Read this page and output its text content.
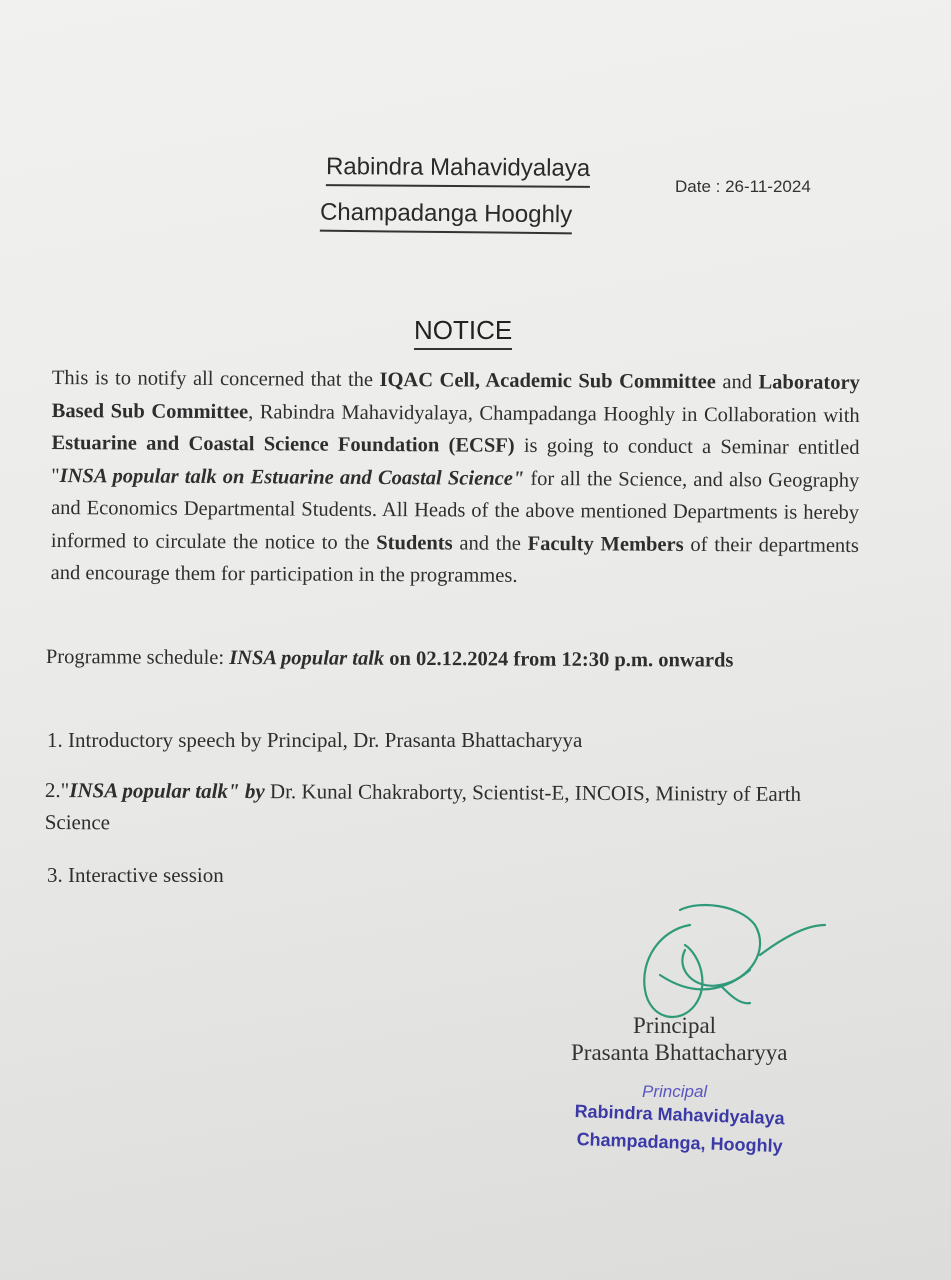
Rabindra Mahavidyalaya
Champadanga Hooghly
Date : 26-11-2024
NOTICE

This is to notify all concerned that the IQAC Cell, Academic Sub Committee and Laboratory Based Sub Committee, Rabindra Mahavidyalaya, Champadanga Hooghly in Collaboration with Estuarine and Coastal Science Foundation (ECSF) is going to conduct a Seminar entitled "INSA popular talk on Estuarine and Coastal Science" for all the Science, and also Geography and Economics Departmental Students. All Heads of the above mentioned Departments is hereby informed to circulate the notice to the Students and the Faculty Members of their departments and encourage them for participation in the programmes.

Programme schedule: INSA popular talk on 02.12.2024 from 12:30 p.m. onwards

1. Introductory speech by Principal, Dr. Prasanta Bhattacharyya

2."INSA popular talk" by Dr. Kunal Chakraborty, Scientist-E, INCOIS, Ministry of Earth Science

3. Interactive session

Principal
Prasanta Bhattacharyya
Principal
Rabindra Mahavidyalaya
Champadanga, Hooghly
